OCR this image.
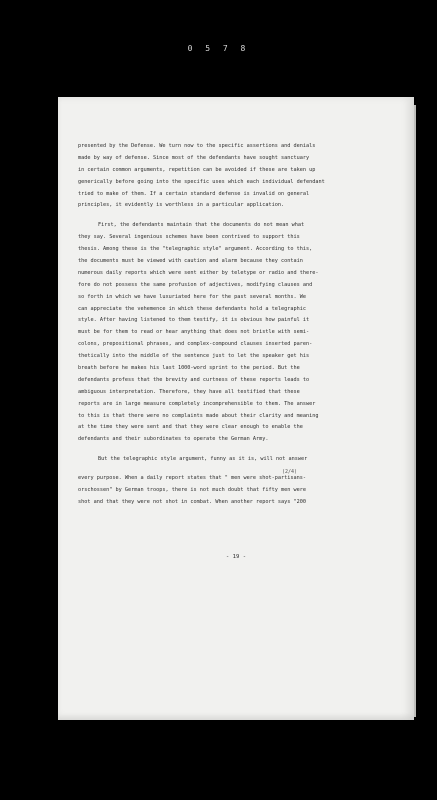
0 5 7 8
presented by the Defense. We turn now to the specific assertions and denials
made by way of defense. Since most of the defendants have sought sanctuary
in certain common arguments, repetition can be avoided if these are taken up
generically before going into the specific uses which each individual defendant
tried to make of them. If a certain standard defense is invalid on general
principles, it evidently is worthless in a particular application.
First, the defendants maintain that the documents do not mean what
they say. Several ingenious schemes have been contrived to support this
thesis. Among these is the "telegraphic style" argument. According to this,
the documents must be viewed with caution and alarm because they contain
numerous daily reports which were sent either by teletype or radio and there-
fore do not possess the same profusion of adjectives, modifying clauses and
so forth in which we have luxuriated here for the past several months. We
can appreciate the vehemence in which these defendants hold a telegraphic
style. After having listened to them testify, it is obvious how painful it
must be for them to read or hear anything that does not bristle with semi-
colons, prepositional phrases, and complex-compound clauses inserted paren-
thetically into the middle of the sentence just to let the speaker get his
breath before he makes his last 1000-word sprint to the period. But the
defendants profess that the brevity and curtness of these reports leads to
ambiguous interpretation. Therefore, they have all testified that these
reports are in large measure completely incomprehensible to them. The answer
to this is that there were no complaints made about their clarity and meaning
at the time they were sent and that they were clear enough to enable the
defendants and their subordinates to operate the German Army.
But the telegraphic style argument, funny as it is, will not answer
(2/4)
every purpose. When a daily report states that " men were shot-partisans-
orschossen" by German troops, there is not much doubt that fifty men were
shot and that they were not shot in combat. When another report says "200
- 19 -
